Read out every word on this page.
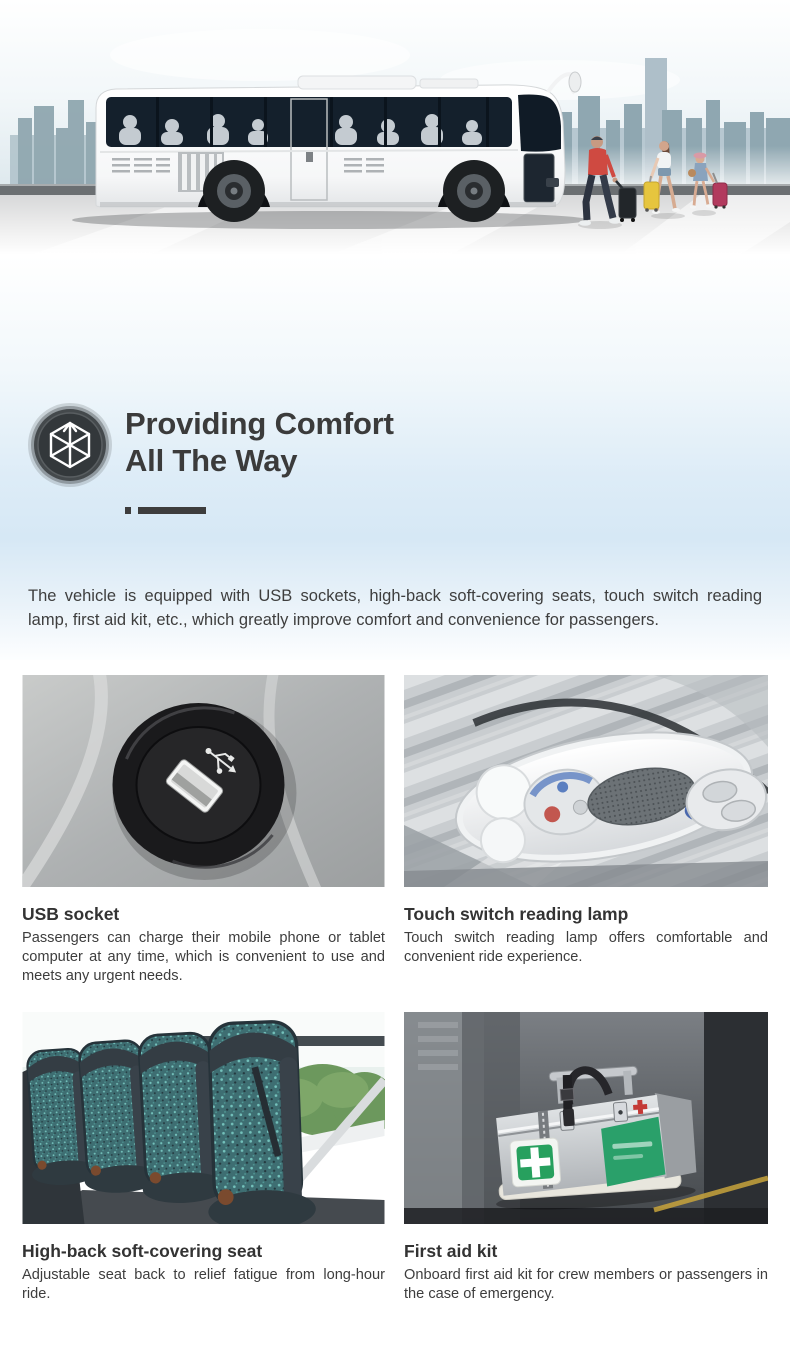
Providing Comfort
All The Way

The vehicle is equipped with USB sockets, high-back soft-covering seats, touch switch reading lamp, first aid kit, etc., which greatly improve comfort and convenience for passengers.

USB socket

Passengers can charge their mobile phone or tablet computer at any time, which is convenient to use and meets any urgent needs.

Touch switch reading lamp

Touch switch reading lamp offers comfortable and convenient ride experience.

High-back soft-covering seat

Adjustable seat back to relief fatigue from long-hour ride.

First aid kit

Onboard first aid kit for crew members or passengers in the case of emergency.
